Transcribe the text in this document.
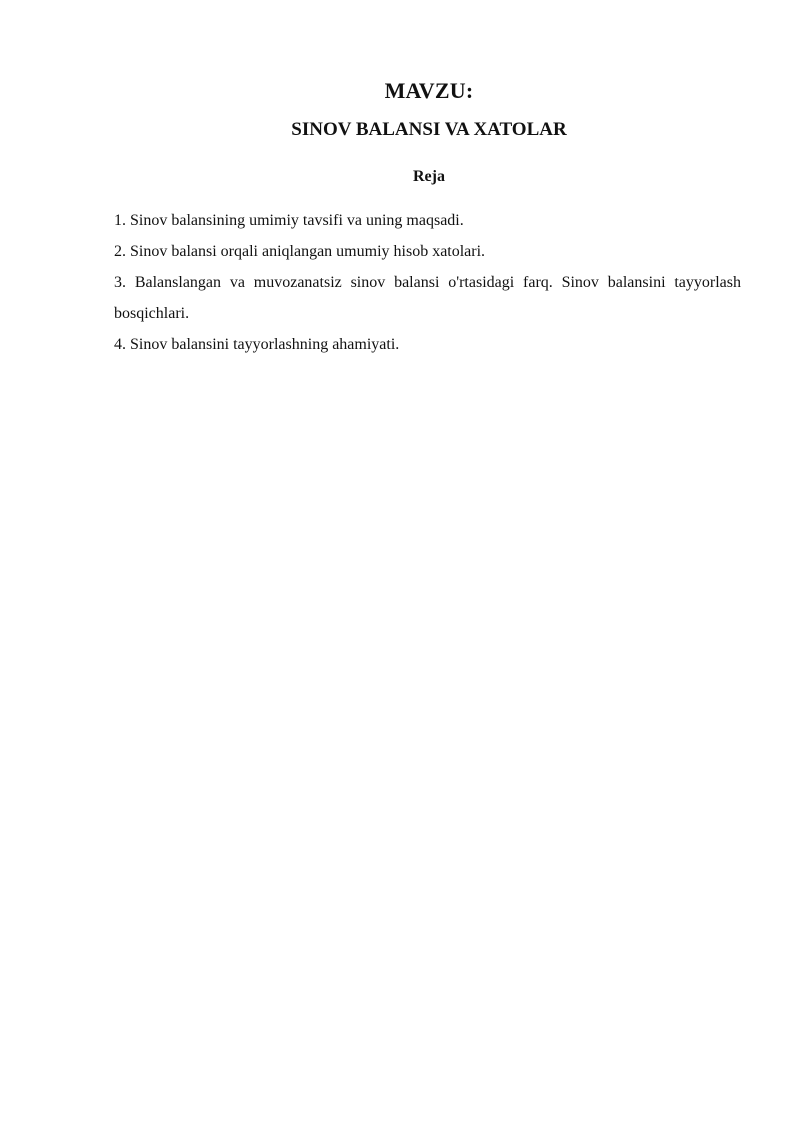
MAVZU:
SINOV BALANSI VA XATOLAR
Reja
1. Sinov balansining umimiy tavsifi va uning maqsadi.
2. Sinov balansi orqali aniqlangan umumiy hisob xatolari.
3. Balanslangan va muvozanatsiz sinov balansi o'rtasidagi farq. Sinov balansini tayyorlash bosqichlari.
4. Sinov balansini tayyorlashning ahamiyati.
